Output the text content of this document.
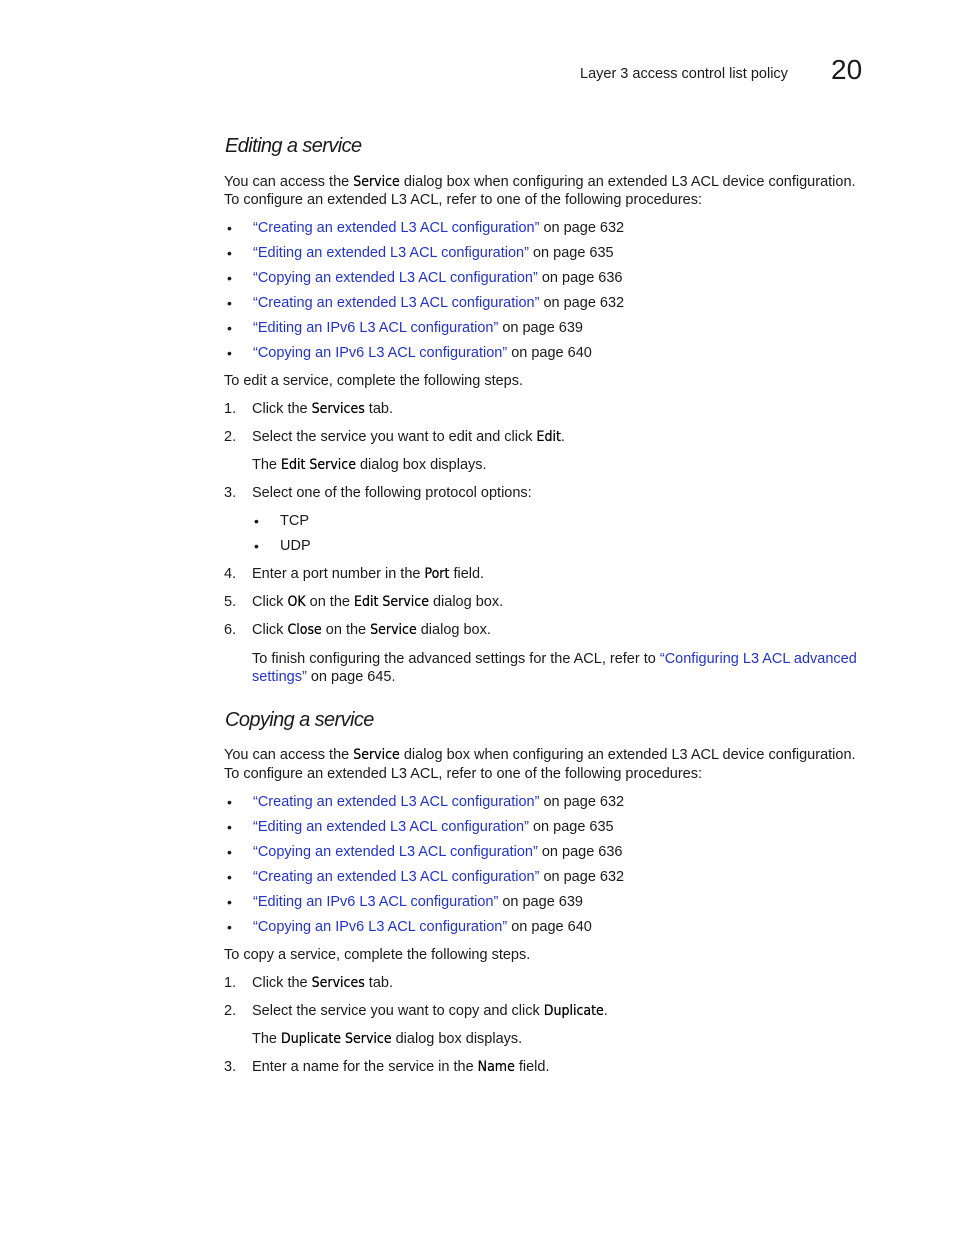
Layer 3 access control list policy 20
Editing a service
You can access the Service dialog box when configuring an extended L3 ACL device configuration.
To configure an extended L3 ACL, refer to one of the following procedures:
• “Creating an extended L3 ACL configuration” on page 632
• “Editing an extended L3 ACL configuration” on page 635
• “Copying an extended L3 ACL configuration” on page 636
• “Creating an extended L3 ACL configuration” on page 632
• “Editing an IPv6 L3 ACL configuration” on page 639
• “Copying an IPv6 L3 ACL configuration” on page 640
To edit a service, complete the following steps.
1. Click the Services tab.
2. Select the service you want to edit and click Edit.
The Edit Service dialog box displays.
3. Select one of the following protocol options:
• TCP
• UDP
4. Enter a port number in the Port field.
5. Click OK on the Edit Service dialog box.
6. Click Close on the Service dialog box.
To finish configuring the advanced settings for the ACL, refer to “Configuring L3 ACL advanced
settings” on page 645.
Copying a service
You can access the Service dialog box when configuring an extended L3 ACL device configuration.
To configure an extended L3 ACL, refer to one of the following procedures:
• “Creating an extended L3 ACL configuration” on page 632
• “Editing an extended L3 ACL configuration” on page 635
• “Copying an extended L3 ACL configuration” on page 636
• “Creating an extended L3 ACL configuration” on page 632
• “Editing an IPv6 L3 ACL configuration” on page 639
• “Copying an IPv6 L3 ACL configuration” on page 640
To copy a service, complete the following steps.
1. Click the Services tab.
2. Select the service you want to copy and click Duplicate.
The Duplicate Service dialog box displays.
3. Enter a name for the service in the Name field.
